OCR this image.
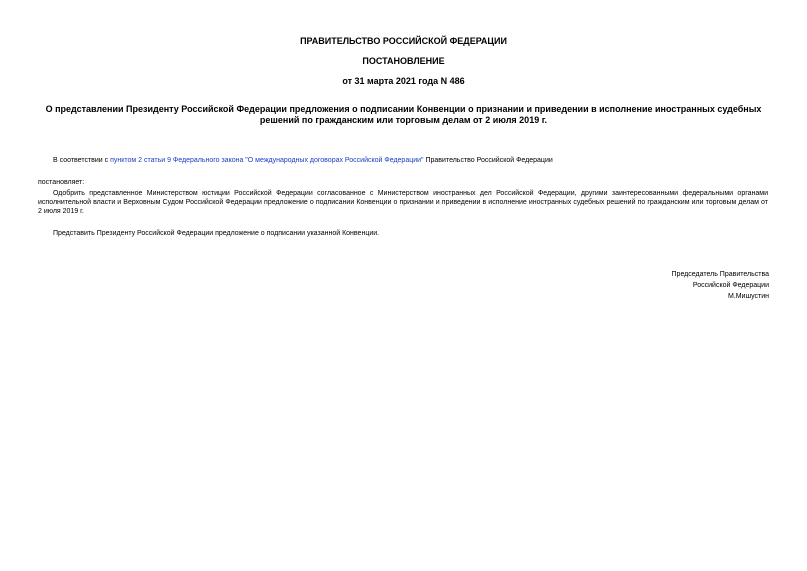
ПРАВИТЕЛЬСТВО РОССИЙСКОЙ ФЕДЕРАЦИИ
ПОСТАНОВЛЕНИЕ
от 31 марта 2021 года N 486
О представлении Президенту Российской Федерации предложения о подписании Конвенции о признании и приведении в исполнение иностранных судебных
решений по гражданским или торговым делам от 2 июля 2019 г.
В соответствии с пунктом 2 статьи 9 Федерального закона "О международных договорах Российской Федерации" Правительство Российской Федерации
постановляет:
Одобрить представленное Министерством юстиции Российской Федерации согласованное с Министерством иностранных дел Российской Федерации, другими заинтересованными федеральными органами исполнительной власти и Верховным Судом Российской Федерации предложение о подписании Конвенции о признании и приведении в исполнение иностранных судебных решений по гражданским или торговым делам от 2 июля 2019 г.
Представить Президенту Российской Федерации предложение о подписании указанной Конвенции.
Председатель Правительства
Российской Федерации
М.Мишустин
